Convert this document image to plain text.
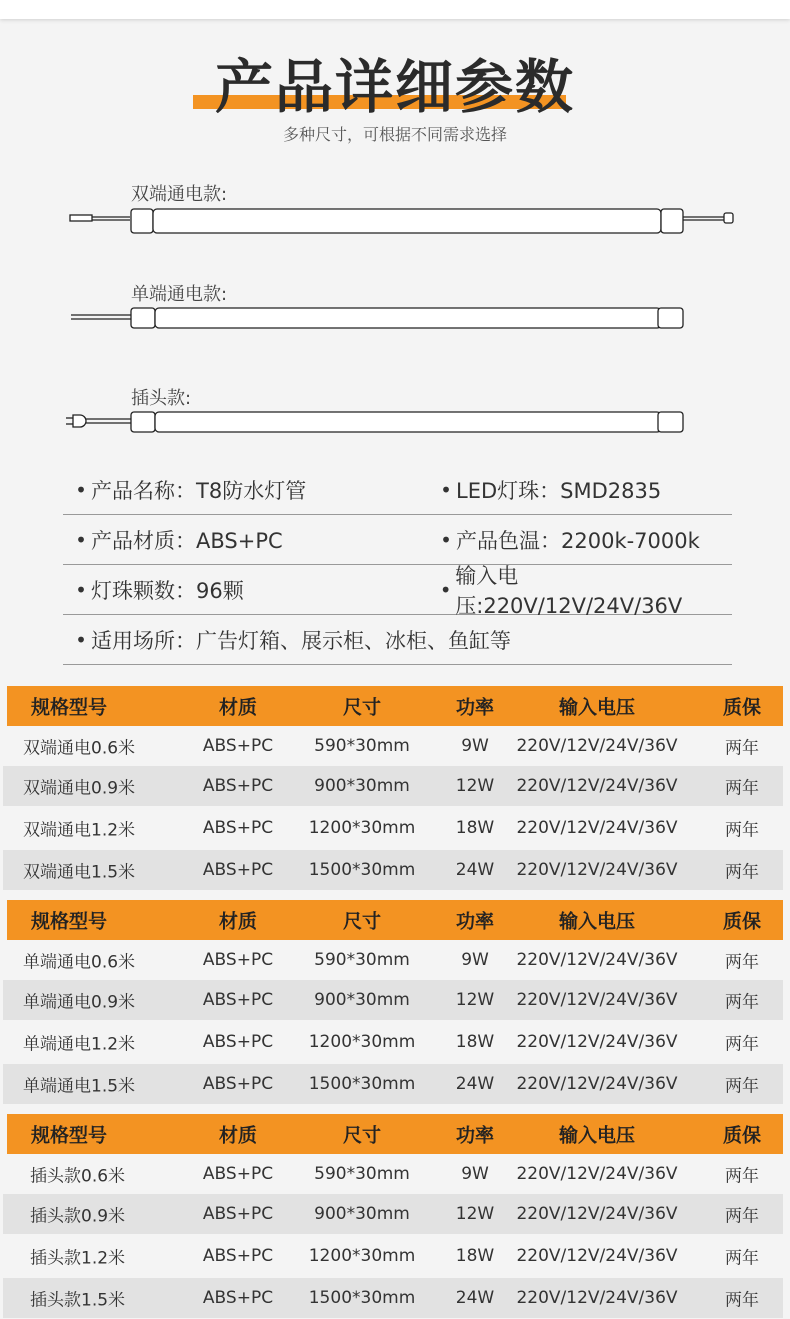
产品详细参数
多种尺寸，可根据不同需求选择
双端通电款:
单端通电款:
插头款:
• 产品名称：T8防水灯管	• LED灯珠：SMD2835
• 产品材质：ABS+PC	• 产品色温：2200k-7000k
• 灯珠颗数：96颗	•
输入电压:220V/12V/24V/36V
• 适用场所：广告灯箱、展示柜、冰柜、鱼缸等
规格型号	材质	尺寸	功率	输入电压	质保
双端通电0.6米	ABS+PC 590*30mm	9W 220V/12V/24V/36V	两年
双端通电0.9米	ABS+PC 900*30mm	12W 220V/12V/24V/36V	两年
双端通电1.2米	ABS+PC 1200*30mm 18W 220V/12V/24V/36V	两年
双端通电1.5米	ABS+PC 1500*30mm 24W 220V/12V/24V/36V	两年
规格型号	材质	尺寸	功率	输入电压	质保
单端通电0.6米	ABS+PC 590*30mm	9W 220V/12V/24V/36V	两年
单端通电0.9米	ABS+PC 900*30mm	12W 220V/12V/24V/36V	两年
单端通电1.2米	ABS+PC 1200*30mm 18W 220V/12V/24V/36V	两年
单端通电1.5米	ABS+PC 1500*30mm 24W 220V/12V/24V/36V	两年
规格型号	材质	尺寸	功率	输入电压	质保
插头款0.6米	ABS+PC 590*30mm	9W 220V/12V/24V/36V	两年
插头款0.9米	ABS+PC 900*30mm	12W 220V/12V/24V/36V	两年
插头款1.2米	ABS+PC 1200*30mm 18W 220V/12V/24V/36V	两年
插头款1.5米	ABS+PC 1500*30mm 24W 220V/12V/24V/36V	两年
